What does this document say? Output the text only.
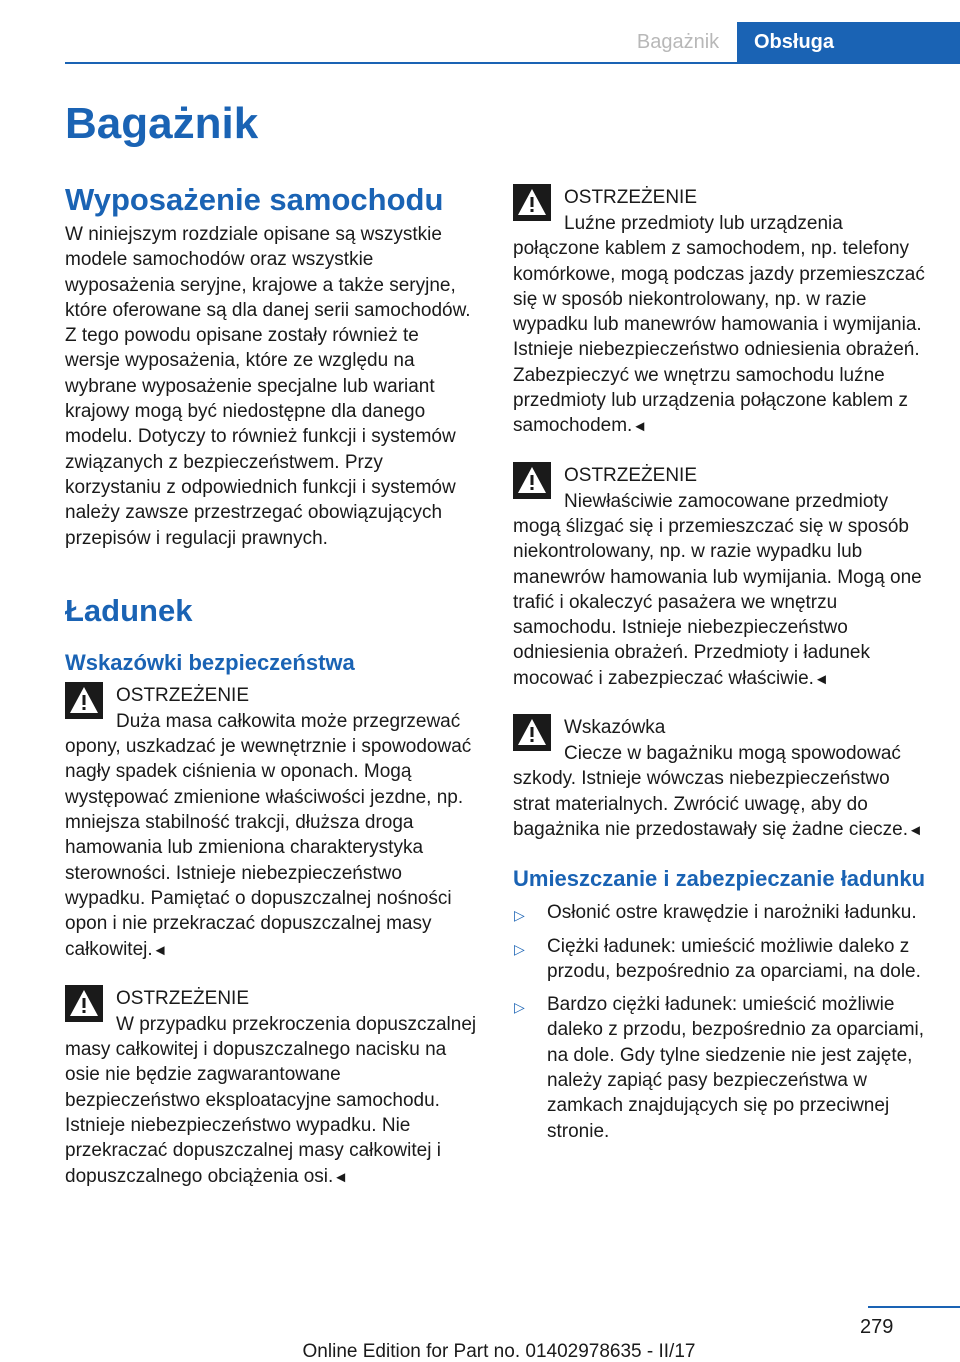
Bagażnik	Obsługa
Bagażnik
Wyposażenie samochodu

W niniejszym rozdziale opisane są wszystkie modele samochodów oraz wszystkie wyposażenia seryjne, krajowe a także seryjne, które oferowane są dla danej serii samochodów. Z tego powodu opisane zostały również te wersje wyposażenia, które ze względu na wybrane wyposażenie specjalne lub wariant krajowy mogą być niedostępne dla danego modelu. Dotyczy to również funkcji i systemów związanych z bezpieczeństwem. Przy korzystaniu z odpowiednich funkcji i systemów należy zawsze przestrzegać obowiązujących przepisów i regulacji prawnych.

Ładunek
Wskazówki bezpieczeństwa
OSTRZEŻENIE

Duża masa całkowita może przegrzewać opony, uszkadzać je wewnętrznie i spowodować nagły spadek ciśnienia w oponach. Mogą występować zmienione właściwości jezdne, np. mniejsza stabilność trakcji, dłuższa droga hamowania lub zmieniona charakterystyka sterowności. Istnieje niebezpieczeństwo wypadku. Pamiętać o dopuszczalnej nośności opon i nie przekraczać dopuszczalnej masy całkowitej.◄

OSTRZEŻENIE

W przypadku przekroczenia dopuszczalnej masy całkowitej i dopuszczalnego nacisku na osie nie będzie zagwarantowane bezpieczeństwo eksploatacyjne samochodu. Istnieje niebezpieczeństwo wypadku. Nie przekraczać dopuszczalnej masy całkowitej i dopuszczalnego obciążenia osi.◄

OSTRZEŻENIE

Luźne przedmioty lub urządzenia połączone kablem z samochodem, np. telefony komórkowe, mogą podczas jazdy przemieszczać się w sposób niekontrolowany, np. w razie wypadku lub manewrów hamowania i wymijania. Istnieje niebezpieczeństwo odniesienia obrażeń. Zabezpieczyć we wnętrzu samochodu luźne przedmioty lub urządzenia połączone kablem z samochodem.◄

OSTRZEŻENIE

Niewłaściwie zamocowane przedmioty mogą ślizgać się i przemieszczać się w sposób niekontrolowany, np. w razie wypadku lub manewrów hamowania lub wymijania. Mogą one trafić i okaleczyć pasażera we wnętrzu samochodu. Istnieje niebezpieczeństwo odniesienia obrażeń. Przedmioty i ładunek mocować i zabezpieczać właściwie.◄

Wskazówka

Ciecze w bagażniku mogą spowodować szkody. Istnieje wówczas niebezpieczeństwo strat materialnych. Zwrócić uwagę, aby do bagażnika nie przedostawały się żadne ciecze.◄

Umieszczanie i zabezpieczanie ładunku
▷ Osłonić ostre krawędzie i narożniki ładunku.
▷ Ciężki ładunek: umieścić możliwie daleko z przodu, bezpośrednio za oparciami, na dole.
▷ Bardzo ciężki ładunek: umieścić możliwie daleko z przodu, bezpośrednio za oparciami, na dole. Gdy tylne siedzenie nie jest zajęte, należy zapiąć pasy bezpieczeństwa w zamkach znajdujących się po przeciwnej stronie.
279
Online Edition for Part no. 01402978635 - II/17
